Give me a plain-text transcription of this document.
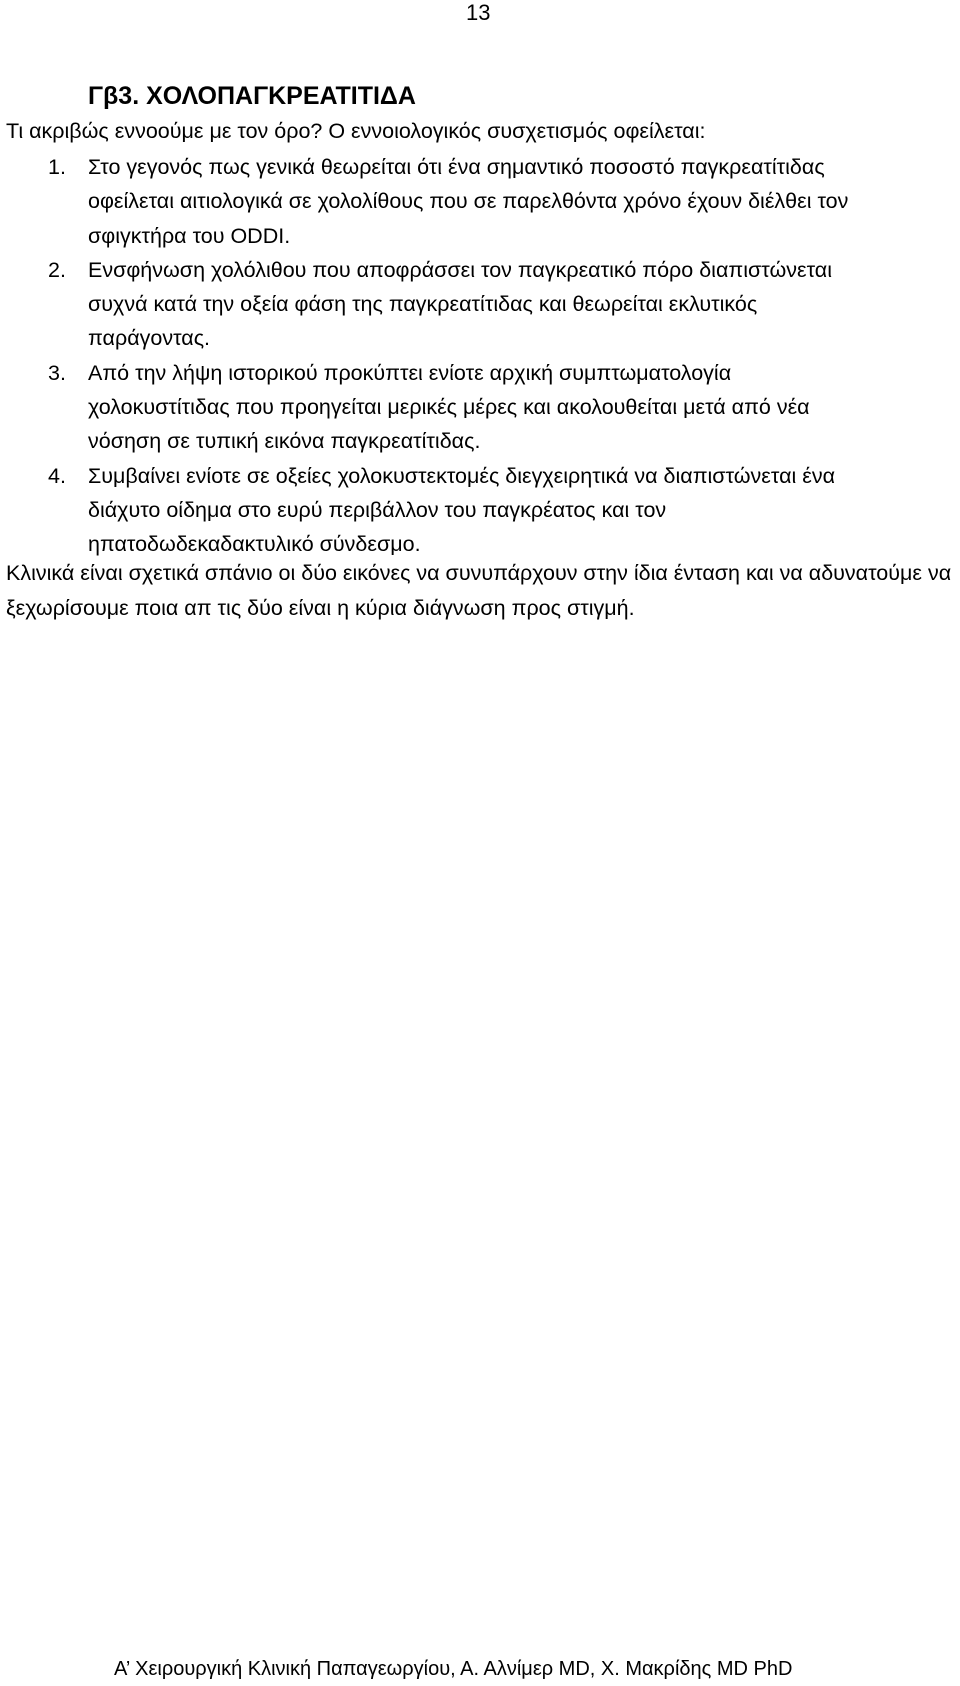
13
Γβ3. ΧΟΛΟΠΑΓΚΡΕΑΤΙΤΙΔΑ
Τι ακριβώς εννοούμε με τον όρο? Ο εννοιολογικός συσχετισμός οφείλεται:
1. Στο γεγονός πως γενικά θεωρείται ότι ένα σημαντικό ποσοστό παγκρεατίτιδας οφείλεται αιτιολογικά σε χολολίθους που σε παρελθόντα χρόνο έχουν διέλθει τον σφιγκτήρα του ODDI.
2. Ενσφήνωση χολόλιθου που αποφράσσει τον παγκρεατικό πόρο διαπιστώνεται συχνά κατά την οξεία φάση της παγκρεατίτιδας και θεωρείται εκλυτικός παράγοντας.
3. Από την λήψη ιστορικού προκύπτει ενίοτε αρχική συμπτωματολογία χολοκυστίτιδας που προηγείται μερικές μέρες και ακολουθείται μετά από νέα νόσηση σε τυπική εικόνα παγκρεατίτιδας.
4. Συμβαίνει ενίοτε σε οξείες χολοκυστεκτομές διεγχειρητικά να διαπιστώνεται ένα διάχυτο οίδημα στο ευρύ περιβάλλον του παγκρέατος και τον ηπατοδωδεκαδακτυλικό σύνδεσμο.
Κλινικά είναι σχετικά σπάνιο οι δύο εικόνες να συνυπάρχουν στην ίδια ένταση και να αδυνατούμε να ξεχωρίσουμε ποια απ τις δύο είναι η κύρια διάγνωση προς στιγμή.
Α’ Χειρουργική Κλινική Παπαγεωργίου, Α. Αλνίμερ MD, Χ. Μακρίδης MD PhD
